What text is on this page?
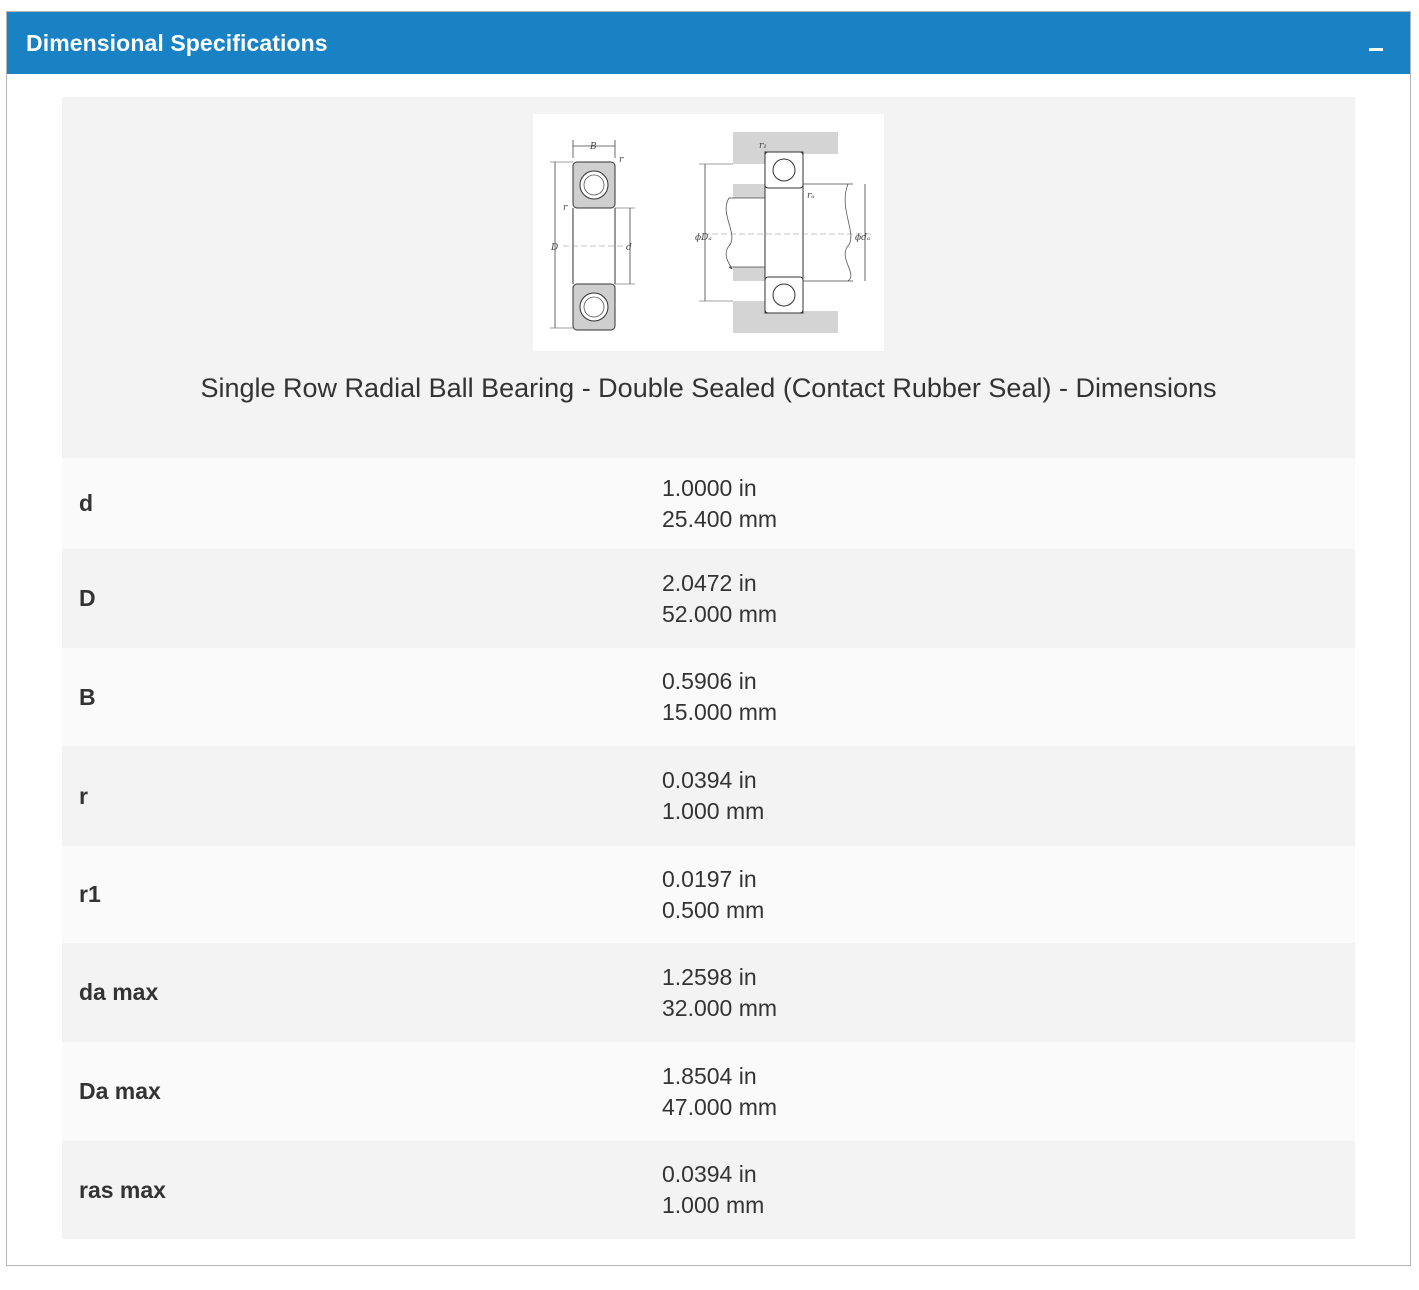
Dimensional Specifications
B
r
r
D	d
r₁
rₐ
ϕDₐ	ϕdₐ
Single Row Radial Ball Bearing - Double Sealed (Contact Rubber Seal) - Dimensions
d
1.0000 in
25.400 mm
D
2.0472 in
52.000 mm
B
0.5906 in
15.000 mm
r
0.0394 in
1.000 mm
r1
0.0197 in
0.500 mm
da max
1.2598 in
32.000 mm
Da max
1.8504 in
47.000 mm
ras max
0.0394 in
1.000 mm
